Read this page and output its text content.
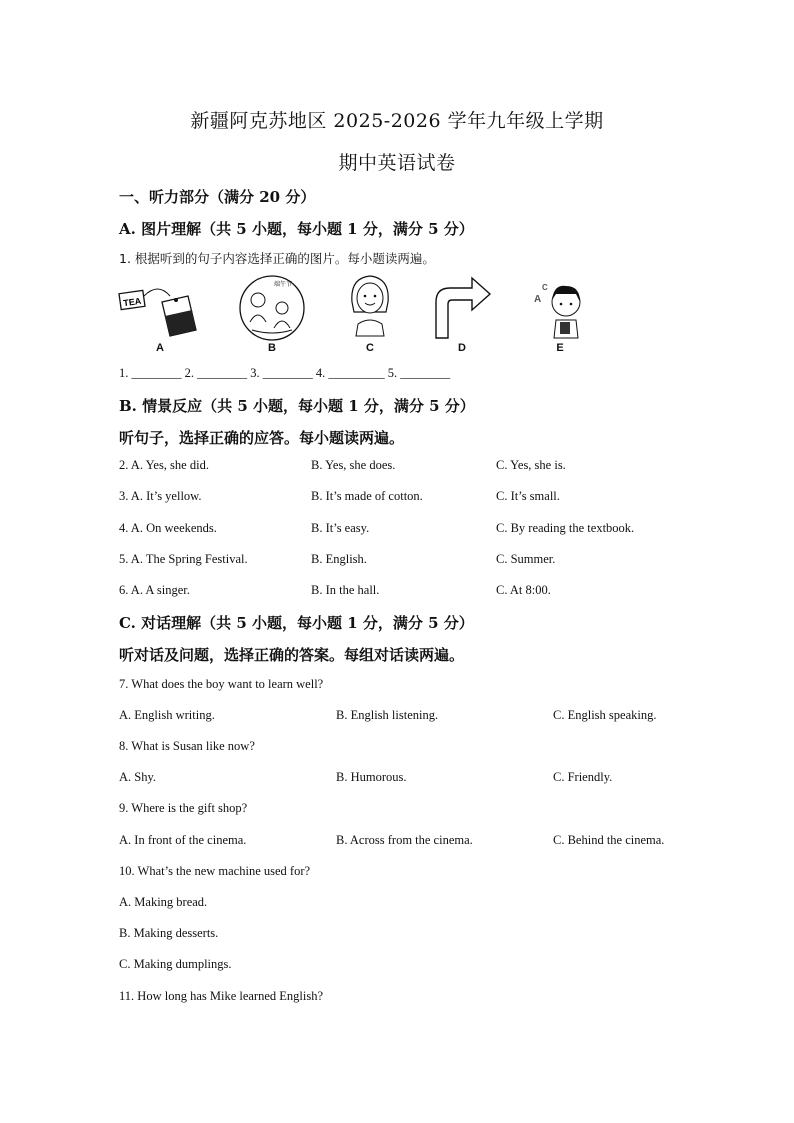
新疆阿克苏地区 2025-2026 学年九年级上学期
期中英语试卷
一、听力部分（满分 20 分）
A. 图片理解（共 5 小题，每小题 1 分，满分 5 分）
1. 根据听到的句子内容选择正确的图片。每小题读两遍。
TEA
端午节
A
C
A	B	C	D	E
1. ________ 2. ________ 3. ________ 4. _________ 5. ________
B. 情景反应（共 5 小题，每小题 1 分，满分 5 分）
听句子，选择正确的应答。每小题读两遍。
2. A. Yes, she did.	B. Yes, she does.	C. Yes, she is.
3. A. It’s yellow.	B. It’s made of cotton.	C. It’s small.
4. A. On weekends.	B. It’s easy.	C. By reading the textbook.
5. A. The Spring Festival.	B. English.	C. Summer.
6. A. A singer.	B. In the hall.	C. At 8:00.
C. 对话理解（共 5 小题，每小题 1 分，满分 5 分）
听对话及问题，选择正确的答案。每组对话读两遍。
7. What does the boy want to learn well?
A. English writing.	B. English listening.	C. English speaking.
8. What is Susan like now?
A. Shy.	B. Humorous.	C. Friendly.
9. Where is the gift shop?
A. In front of the cinema.	B. Across from the cinema.	C. Behind the cinema.
10. What’s the new machine used for?
A. Making bread.
B. Making desserts.
C. Making dumplings.
11. How long has Mike learned English?
